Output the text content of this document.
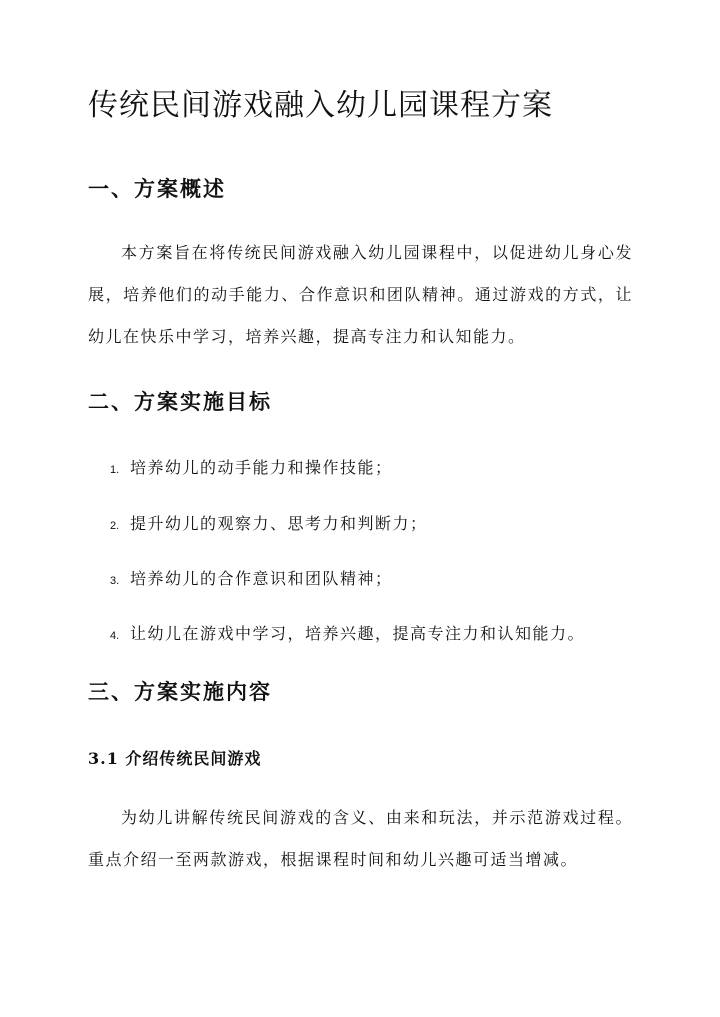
传统民间游戏融入幼儿园课程方案
一、方案概述

本方案旨在将传统民间游戏融入幼儿园课程中，以促进幼儿身心发展，培养他们的动手能力、合作意识和团队精神。通过游戏的方式，让幼儿在快乐中学习，培养兴趣，提高专注力和认知能力。

二、方案实施目标
1. 培养幼儿的动手能力和操作技能；
2. 提升幼儿的观察力、思考力和判断力；
3. 培养幼儿的合作意识和团队精神；
4. 让幼儿在游戏中学习，培养兴趣，提高专注力和认知能力。
三、方案实施内容
3.1 介绍传统民间游戏

为幼儿讲解传统民间游戏的含义、由来和玩法，并示范游戏过程。重点介绍一至两款游戏，根据课程时间和幼儿兴趣可适当增减。
